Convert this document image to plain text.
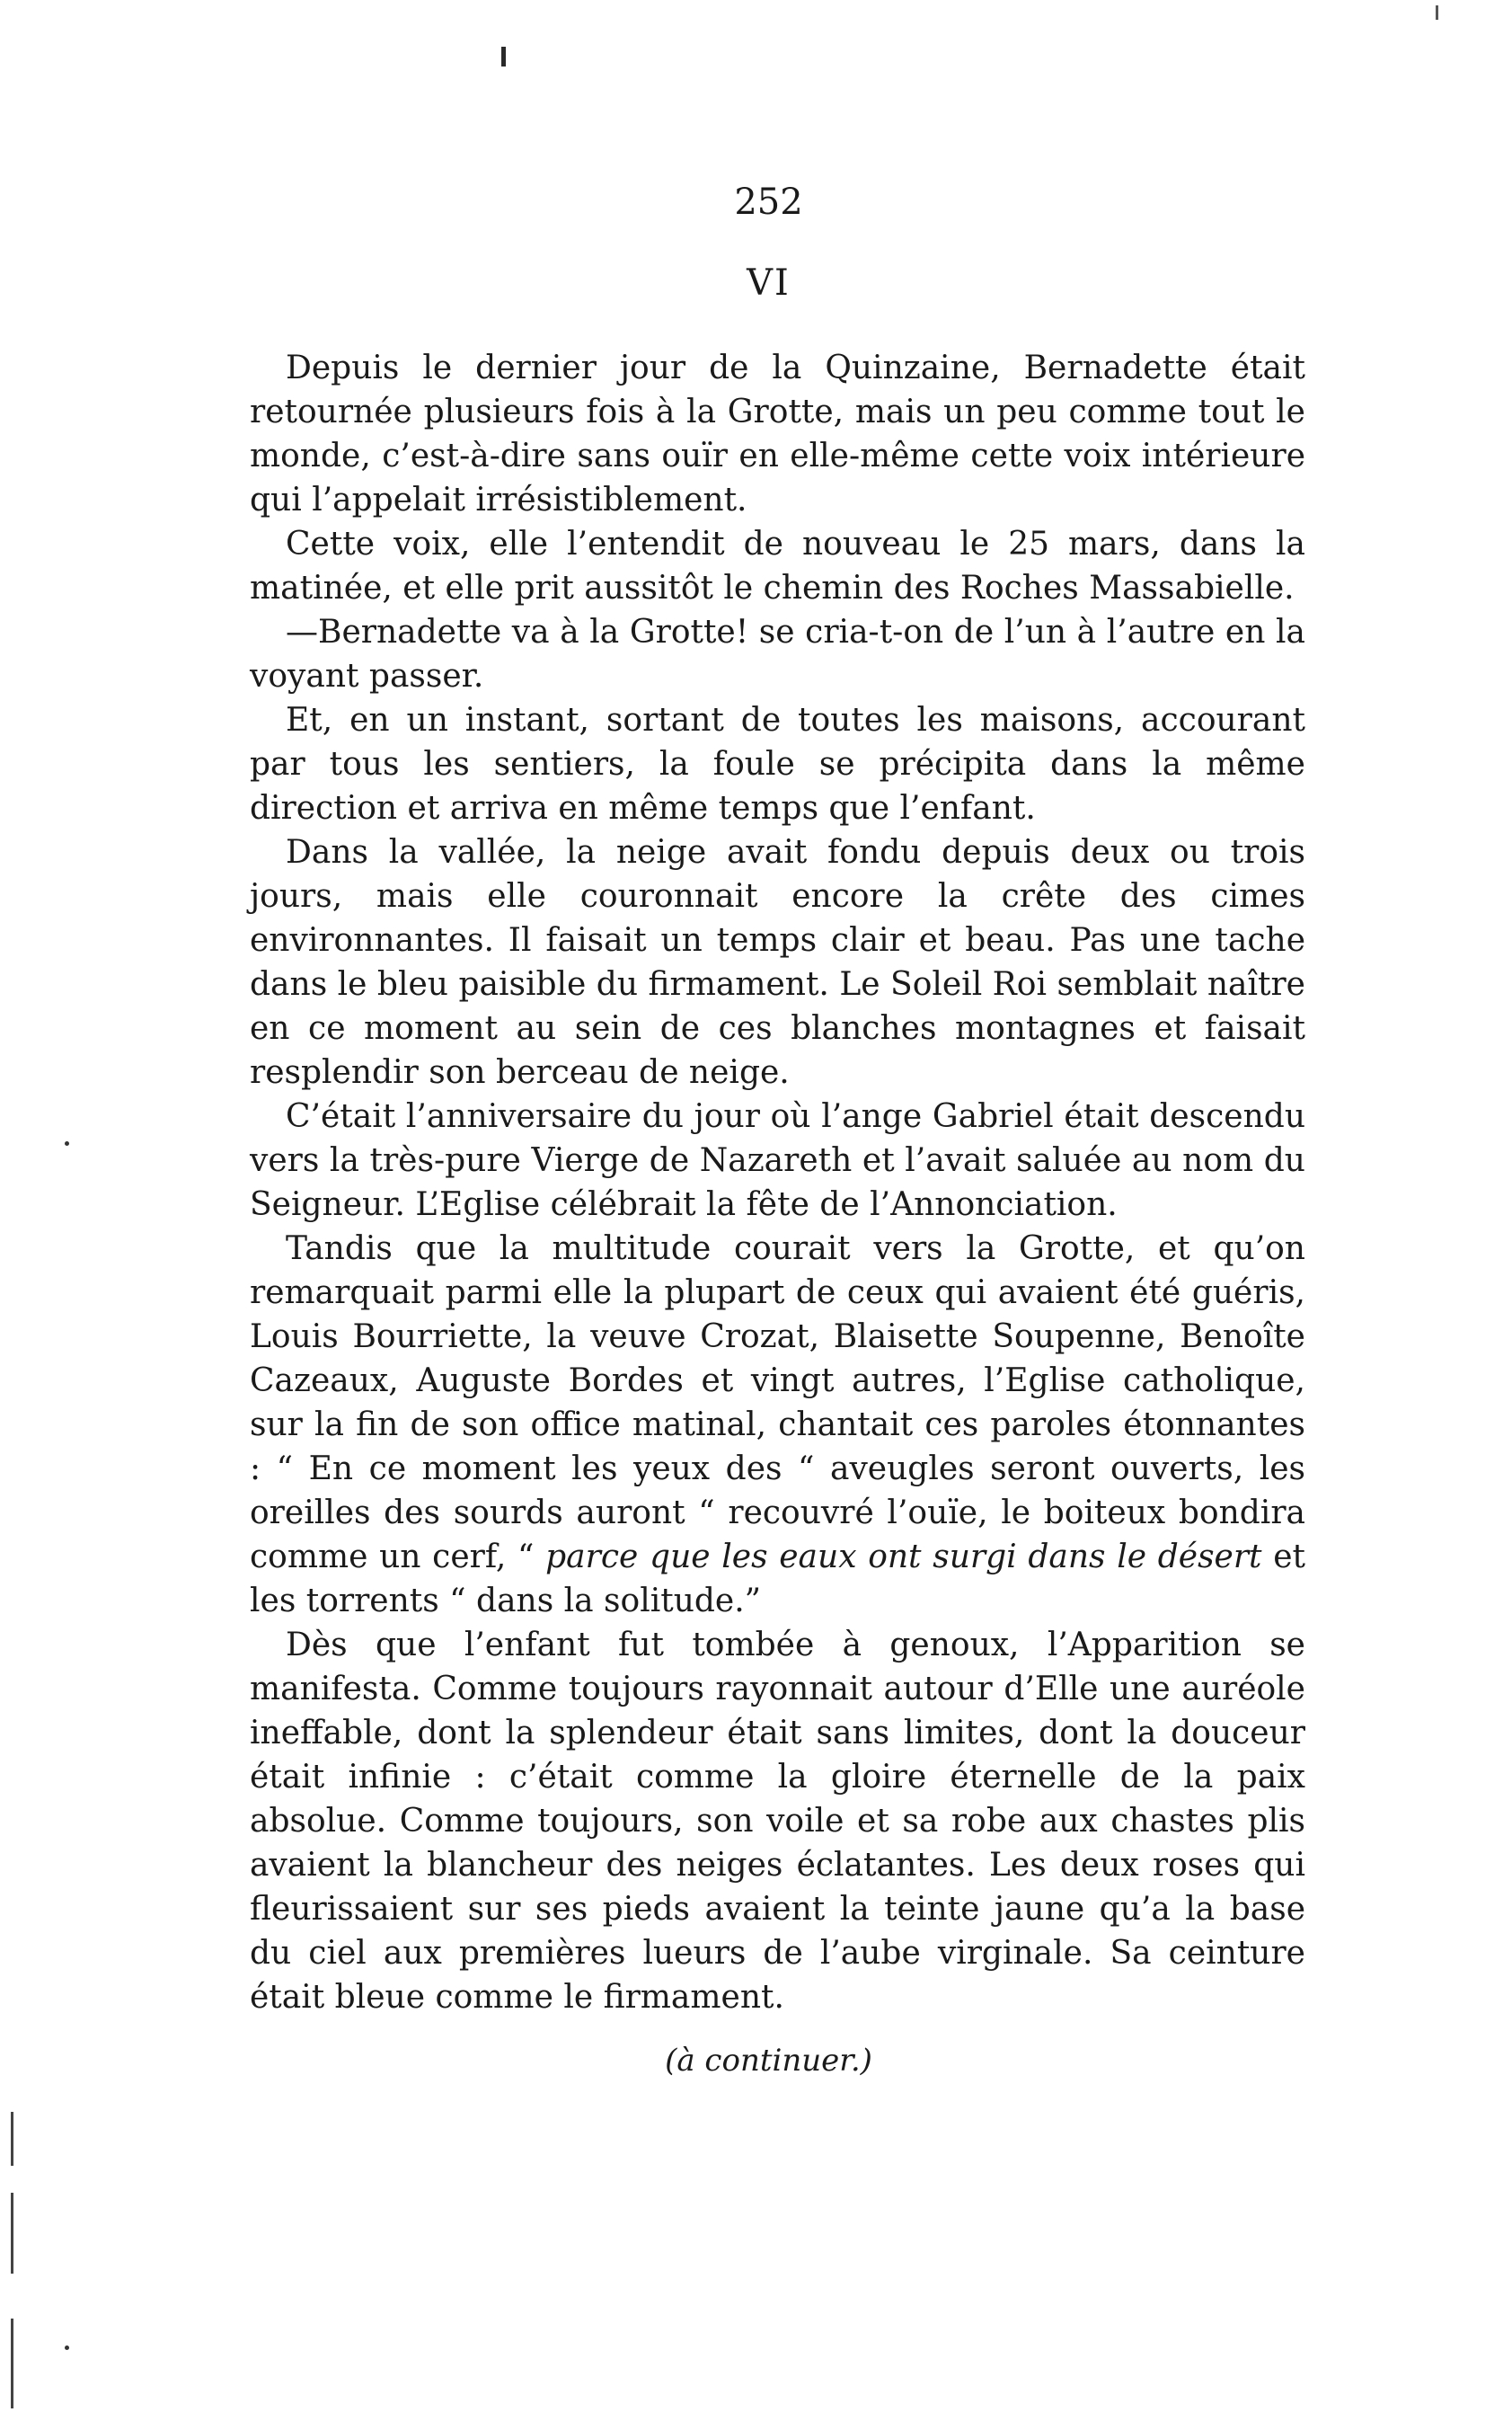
252
VI

Depuis le dernier jour de la Quinzaine, Bernadette était retournée plusieurs fois à la Grotte, mais un peu comme tout le monde, c’est-à-dire sans ouïr en elle-même cette voix intérieure qui l’appelait irrésistiblement.

Cette voix, elle l’entendit de nouveau le 25 mars, dans la matinée, et elle prit aussitôt le chemin des Roches Massabielle.

—Bernadette va à la Grotte! se cria-t-on de l’un à l’autre en la voyant passer.

Et, en un instant, sortant de toutes les maisons, accourant par tous les sentiers, la foule se précipita dans la même direction et arriva en même temps que l’enfant.

Dans la vallée, la neige avait fondu depuis deux ou trois jours, mais elle couronnait encore la crête des cimes environnantes. Il faisait un temps clair et beau. Pas une tache dans le bleu paisible du firmament. Le Soleil Roi semblait naître en ce moment au sein de ces blanches montagnes et faisait resplendir son berceau de neige.

C’était l’anniversaire du jour où l’ange Gabriel était descendu vers la très-pure Vierge de Nazareth et l’avait saluée au nom du Seigneur. L’Eglise célébrait la fête de l’Annonciation.

Tandis que la multitude courait vers la Grotte, et qu’on remarquait parmi elle la plupart de ceux qui avaient été guéris, Louis Bourriette, la veuve Crozat, Blaisette Soupenne, Benoîte Cazeaux, Auguste Bordes et vingt autres, l’Eglise catholique, sur la fin de son office matinal, chantait ces paroles étonnantes : “ En ce moment les yeux des “ aveugles seront ouverts, les oreilles des sourds auront “ recouvré l’ouïe, le boiteux bondira comme un cerf, “ parce que les eaux ont surgi dans le désert et les torrents “ dans la solitude.”

Dès que l’enfant fut tombée à genoux, l’Apparition se manifesta. Comme toujours rayonnait autour d’Elle une auréole ineffable, dont la splendeur était sans limites, dont la douceur était infinie : c’était comme la gloire éternelle de la paix absolue. Comme toujours, son voile et sa robe aux chastes plis avaient la blancheur des neiges éclatantes. Les deux roses qui fleurissaient sur ses pieds avaient la teinte jaune qu’a la base du ciel aux premières lueurs de l’aube virginale. Sa ceinture était bleue comme le firmament.

(à continuer.)
